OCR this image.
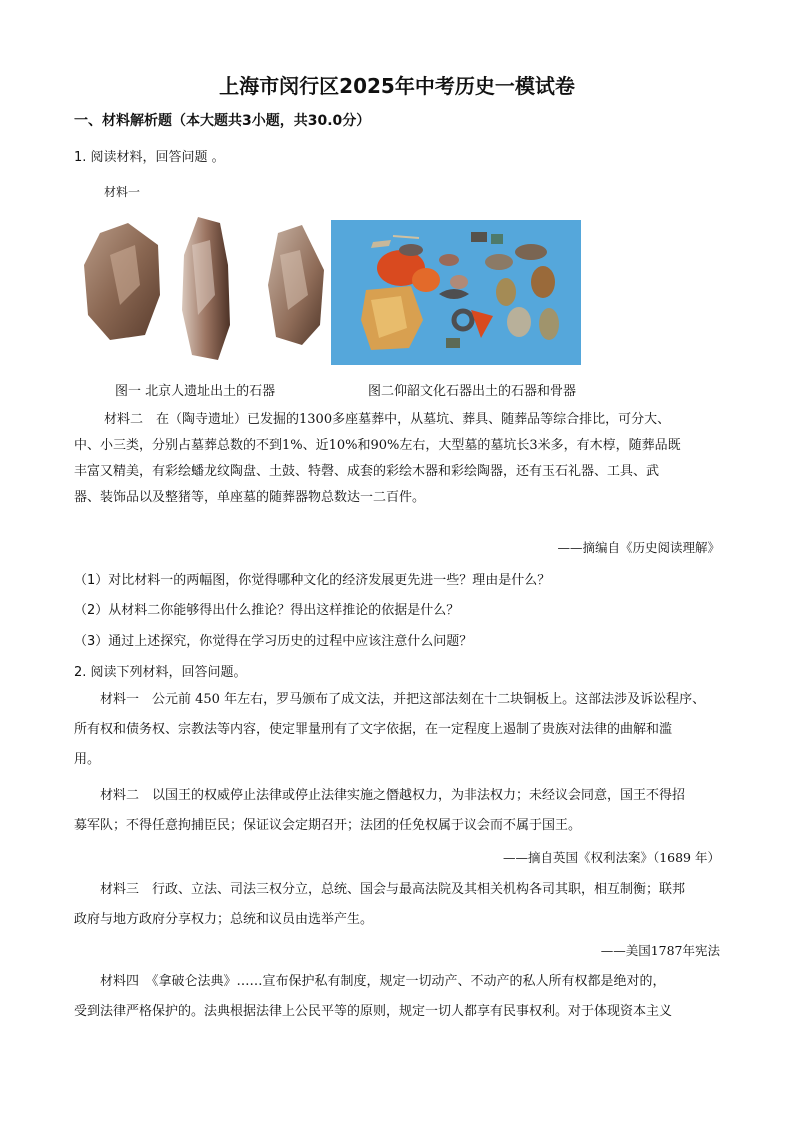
上海市闵行区2025年中考历史一模试卷
一、材料解析题（本大题共3小题，共30.0分）
1. 阅读材料，回答问题 。
材料一
图一 北京人遗址出土的石器	图二仰韶文化石器出土的石器和骨器
材料二　在（陶寺遗址）已发掘的1300多座墓葬中，从墓坑、葬具、随葬品等综合排比，可分大、
中、小三类，分别占墓葬总数的不到1%、近10%和90%左右，大型墓的墓坑长3米多，有木椁，随葬品既
丰富又精美，有彩绘蟠龙纹陶盘、土鼓、特磬、成套的彩绘木器和彩绘陶器，还有玉石礼器、工具、武
器、装饰品以及整猪等，单座墓的随葬器物总数达一二百件。
——摘编自《历史阅读理解》
（1）对比材料一的两幅图，你觉得哪种文化的经济发展更先进一些？理由是什么？
（2）从材料二你能够得出什么推论？得出这样推论的依据是什么？
（3）通过上述探究，你觉得在学习历史的过程中应该注意什么问题？
2. 阅读下列材料，回答问题。
材料一　公元前 450 年左右，罗马颁布了成文法，并把这部法刻在十二块铜板上。这部法涉及诉讼程序、
所有权和债务权、宗教法等内容，使定罪量刑有了文字依据，在一定程度上遏制了贵族对法律的曲解和滥
用。
材料二　以国王的权威停止法律或停止法律实施之僭越权力，为非法权力；未经议会同意，国王不得招
募军队；不得任意拘捕臣民；保证议会定期召开；法团的任免权属于议会而不属于国王。
——摘自英国《权利法案》（1689 年）
材料三　行政、立法、司法三权分立，总统、国会与最高法院及其相关机构各司其职，相互制衡；联邦
政府与地方政府分享权力；总统和议员由选举产生。
——美国1787年宪法
材料四　《拿破仑法典》……宣布保护私有制度，规定一切动产、不动产的私人所有权都是绝对的，
受到法律严格保护的。法典根据法律上公民平等的原则，规定一切人都享有民事权利。对于体现资本主义
